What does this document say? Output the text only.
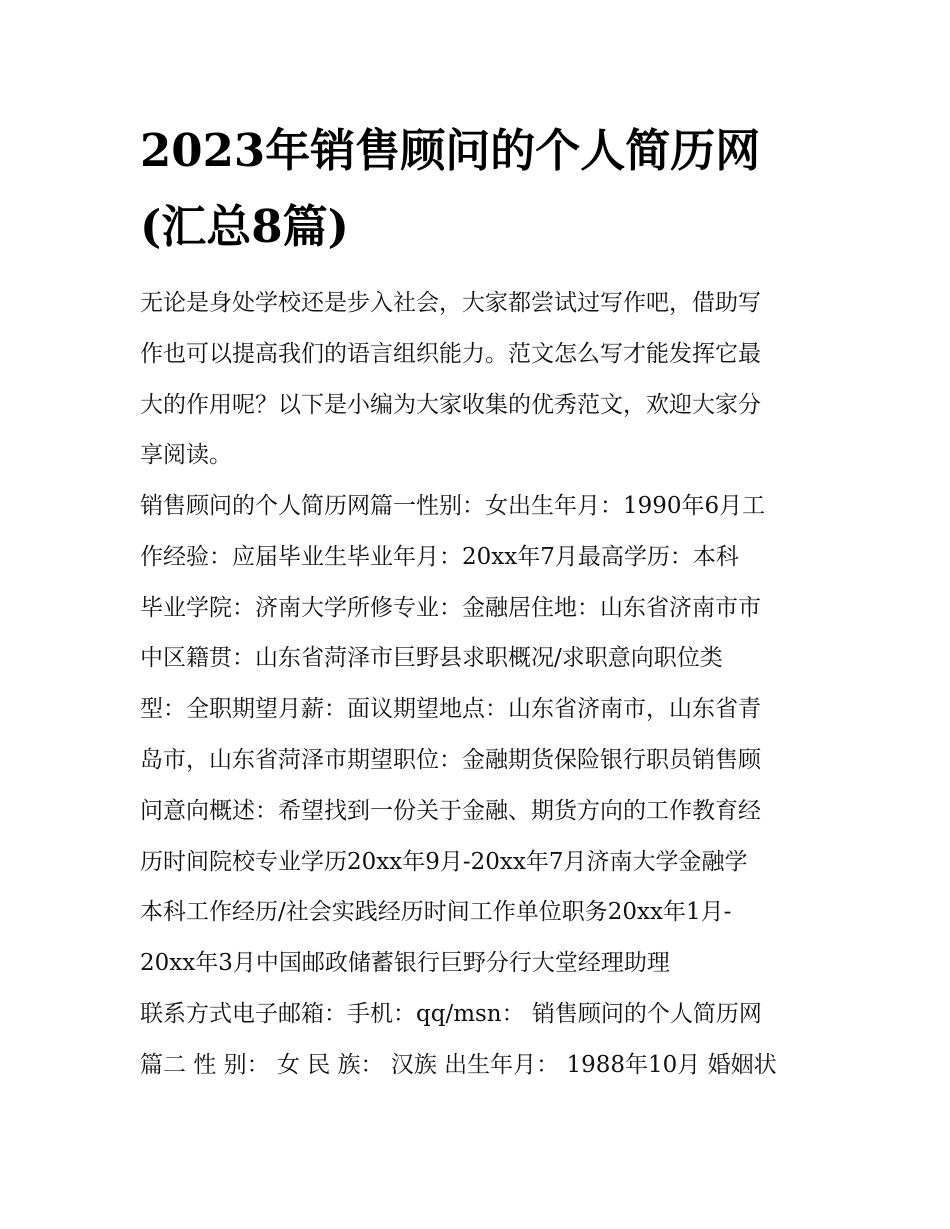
2023年销售顾问的个人简历网
(汇总8篇)
无论是身处学校还是步入社会，大家都尝试过写作吧，借助写
作也可以提高我们的语言组织能力。范文怎么写才能发挥它最
大的作用呢？以下是小编为大家收集的优秀范文，欢迎大家分
享阅读。
销售顾问的个人简历网篇一性别：女出生年月：1990年6月工
作经验：应届毕业生毕业年月：20xx年7月最高学历：本科
毕业学院：济南大学所修专业：金融居住地：山东省济南市市
中区籍贯：山东省菏泽市巨野县求职概况/求职意向职位类
型：全职期望月薪：面议期望地点：山东省济南市，山东省青
岛市，山东省菏泽市期望职位：金融期货保险银行职员销售顾
问意向概述：希望找到一份关于金融、期货方向的工作教育经
历时间院校专业学历20xx年9月-20xx年7月济南大学金融学
本科工作经历/社会实践经历时间工作单位职务20xx年1月-
20xx年3月中国邮政储蓄银行巨野分行大堂经理助理
联系方式电子邮箱：手机：qq/msn： 销售顾问的个人简历网
篇二 性 别： 女 民 族： 汉族 出生年月： 1988年10月 婚姻状
